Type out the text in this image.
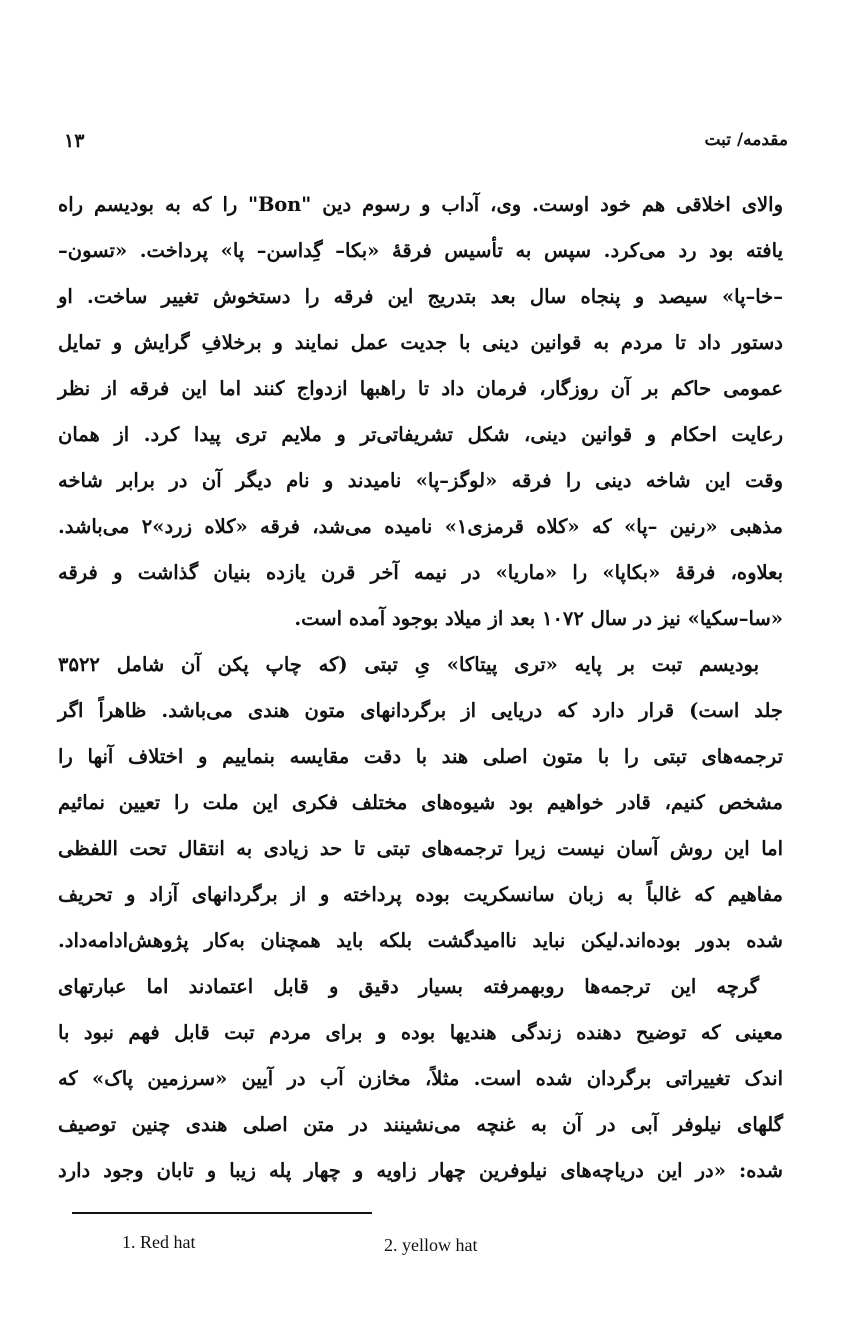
۱۳	مقدمه/ تبت
والای اخلاقی هم خود اوست. وی، آداب و رسوم دین "Bon" را که به بودیسم راه
یافته بود رد می‌کرد. سپس به تأسیس فرقهٔ «بکا– گِداسن– پا» پرداخت. «تسون–
–خا–پا» سیصد و پنجاه سال بعد بتدریج این فرقه را دستخوش تغییر ساخت. او
دستور داد تا مردم به قوانین دینی با جدیت عمل نمایند و برخلافِ گرایش و تمایل
عمومی حاکم بر آن روزگار، فرمان داد تا راهبها ازدواج کنند اما این فرقه از نظر
رعایت احکام و قوانین دینی، شکل تشریفاتی‌تر و ملایم تری پیدا کرد. از همان
وقت این شاخه دینی را فرقه «لوگز–پا» نامیدند و نام دیگر آن در برابر شاخه
مذهبی «رنین –پا» که «کلاه قرمزی۱» نامیده می‌شد، فرقه «کلاه زرد»۲ می‌باشد.
بعلاوه، فرقهٔ «بکاپا» را «ماریا» در نیمه آخر قرن یازده بنیان گذاشت و فرقه
«سا–سکیا» نیز در سال ۱۰۷۲ بعد از میلاد بوجود آمده است.
بودیسم تبت بر پایه «تری پیتاکا» یِ تبتی (که چاپ پکن آن شامل ۳۵۲۲
جلد است) قرار دارد که دریایی از برگردانهای متون هندی می‌باشد. ظاهراً اگر
ترجمه‌های تبتی را با متون اصلی هند با دقت مقایسه بنماییم و اختلاف آنها را
مشخص کنیم، قادر خواهیم بود شیوه‌های مختلف فکری این ملت را تعیین نمائیم
اما این روش آسان نیست زیرا ترجمه‌های تبتی تا حد زیادی به انتقال تحت اللفظی
مفاهیم که غالباً به زبان سانسکریت بوده پرداخته و از برگردانهای آزاد و تحریف
شده بدور بوده‌اند.لیکن نباید ناامیدگشت بلکه باید همچنان به‌کار پژوهش‌ادامه‌داد.
گرچه این ترجمه‌ها روبهمرفته بسیار دقیق و قابل اعتمادند اما عبارتهای
معینی که توضیح دهنده زندگی هندیها بوده و برای مردم تبت قابل فهم نبود با
اندک تغییراتی برگردان شده است. مثلاً، مخازن آب در آیین «سرزمین پاک» که
گلهای نیلوفر آبی در آن به غنچه می‌نشینند در متن اصلی هندی چنین توصیف
شده: «در این دریاچه‌های نیلوفرین چهار زاویه و چهار پله زیبا و تابان وجود دارد
1. Red hat	2. yellow hat
